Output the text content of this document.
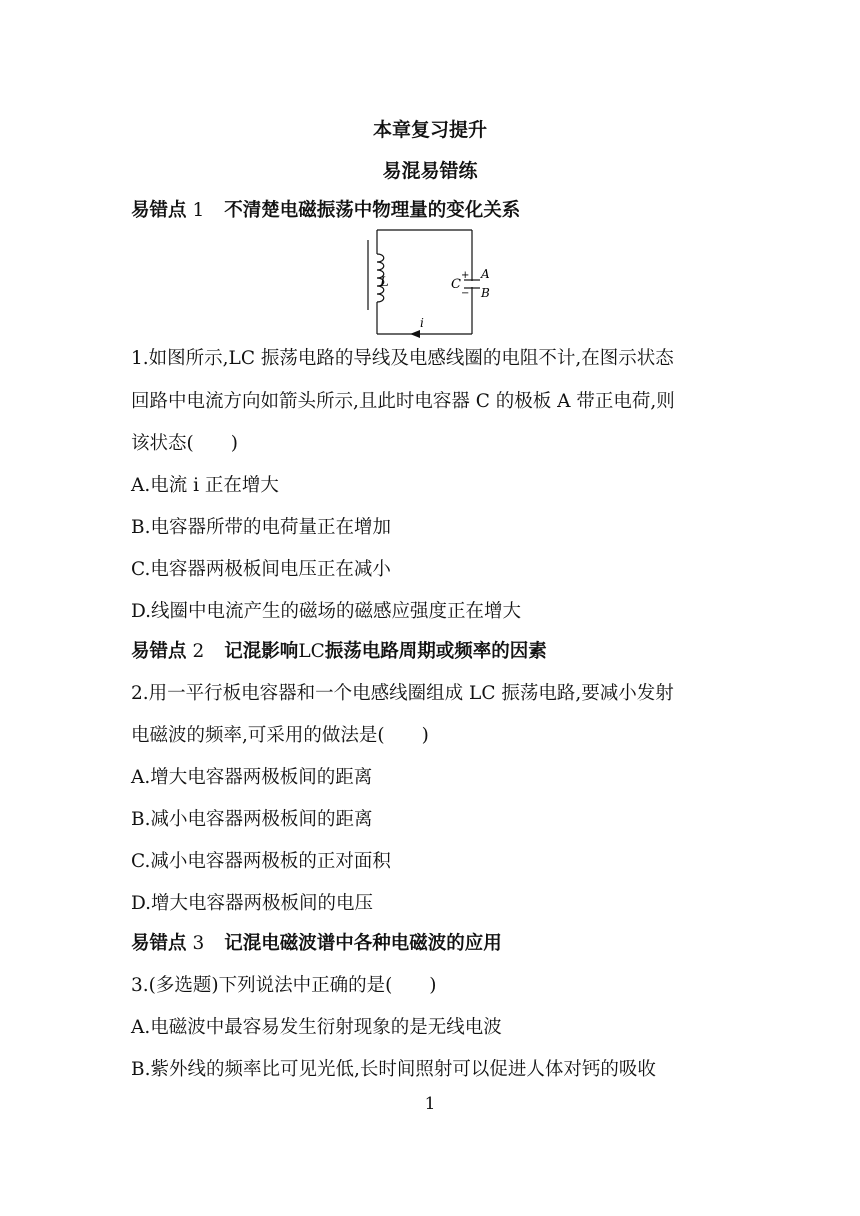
本章复习提升
易混易错练
易错点 1 不清楚电磁振荡中物理量的变化关系
L	C
+
−
A
B
i
1.如图所示,LC 振荡电路的导线及电感线圈的电阻不计,在图示状态
回路中电流方向如箭头所示,且此时电容器 C 的极板 A 带正电荷,则
该状态(　　)
A.电流 i 正在增大
B.电容器所带的电荷量正在增加
C.电容器两极板间电压正在减小
D.线圈中电流产生的磁场的磁感应强度正在增大
易错点 2 记混影响LC振荡电路周期或频率的因素
2.用一平行板电容器和一个电感线圈组成 LC 振荡电路,要减小发射
电磁波的频率,可采用的做法是(　　)
A.增大电容器两极板间的距离
B.减小电容器两极板间的距离
C.减小电容器两极板的正对面积
D.增大电容器两极板间的电压
易错点 3 记混电磁波谱中各种电磁波的应用
3.(多选题)下列说法中正确的是(　　)
A.电磁波中最容易发生衍射现象的是无线电波
B.紫外线的频率比可见光低,长时间照射可以促进人体对钙的吸收
1
